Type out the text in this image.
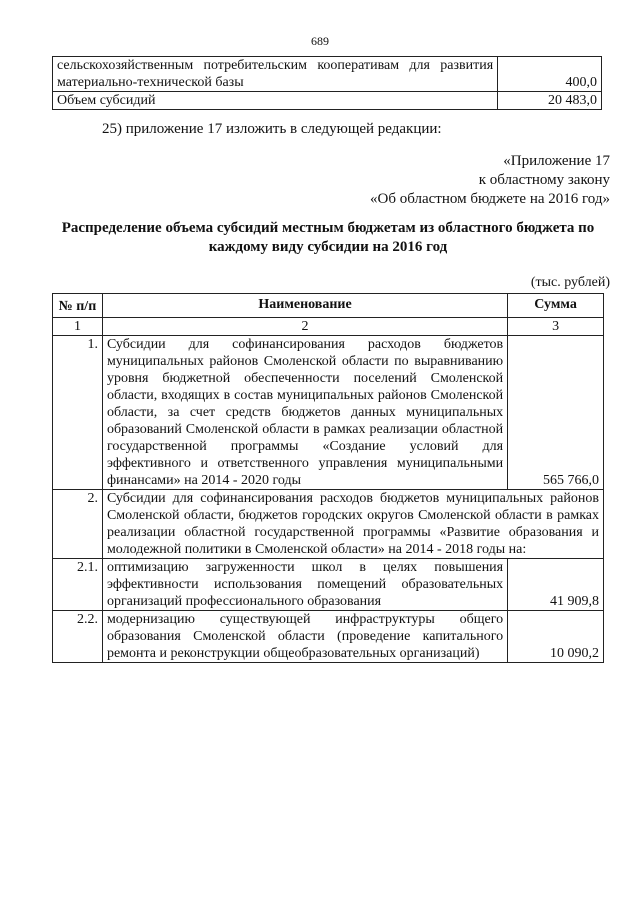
689
сельскохозяйственным потребительским кооперативам для развития материально-технической базы	400,0
Объем субсидий	20 483,0
25) приложение 17 изложить в следующей редакции:
«Приложение 17
к областному закону
«Об областном бюджете на 2016 год»
Распределение объема субсидий местным бюджетам из областного бюджета по каждому виду субсидии на 2016 год
(тыс. рублей)
№ п/п	Наименование	Сумма
1	2	3
1.	Субсидии для софинансирования расходов бюджетов муниципальных районов Смоленской области по выравниванию уровня бюджетной обеспеченности поселений Смоленской области, входящих в состав муниципальных районов Смоленской области, за счет средств бюджетов данных муниципальных образований Смоленской области в рамках реализации областной государственной программы «Создание условий для эффективного и ответственного управления муниципальными финансами» на 2014 - 2020 годы	565 766,0
2.	Субсидии для софинансирования расходов бюджетов муниципальных районов Смоленской области, бюджетов городских округов Смоленской области в рамках реализации областной государственной программы «Развитие образования и молодежной политики в Смоленской области» на 2014 - 2018 годы на:	
2.1.	оптимизацию загруженности школ в целях повышения эффективности использования помещений образовательных организаций профессионального образования	41 909,8
2.2.	модернизацию существующей инфраструктуры общего образования Смоленской области (проведение капитального ремонта и реконструкции общеобразовательных организаций)	10 090,2
